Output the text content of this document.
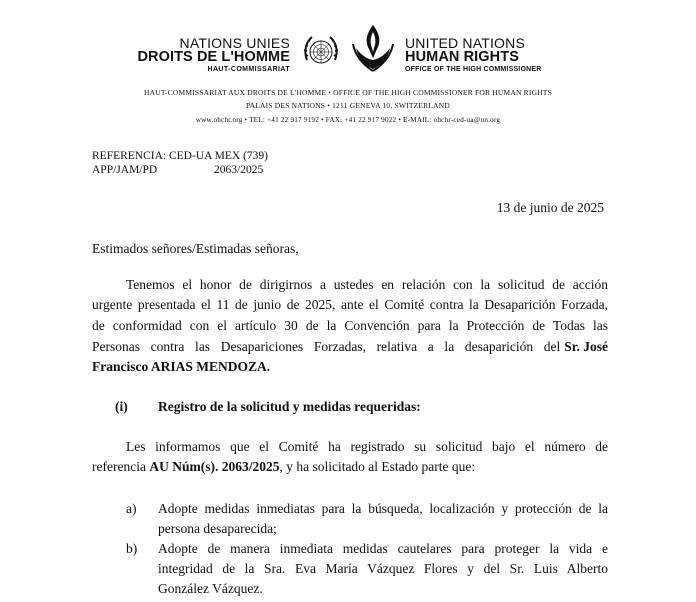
NATIONS UNIES
DROITS DE L'HOMME
HAUT-COMMISSARIAT
UNITED NATIONS
HUMAN RIGHTS
OFFICE OF THE HIGH COMMISSIONER
HAUT-COMMISSARIAT AUX DROITS DE L'HOMME • OFFICE OF THE HIGH COMMISSIONER FOR HUMAN RIGHTS
PALAIS DES NATIONS • 1211 GENEVA 10, SWITZERLAND
www.ohchr.org • TEL: +41 22 917 9192 • FAX: +41 22 917 9022 • E-MAIL: ohchr-ced-ua@un.org
REFERENCIA: CED-UA MEX (739)
APP/JAM/PD	2063/2025
13 de junio de 2025
Estimados señores/Estimadas señoras,
Tenemos el honor de dirigirnos a ustedes en relación con la solicitud de acción
urgente presentada el 11 de junio de 2025, ante el Comité contra la Desaparición Forzada,
de conformidad con el artículo 30 de la Convención para la Protección de Todas las
Personas contra las Desapariciones Forzadas, relativa a la desaparición del Sr. José
Francisco ARIAS MENDOZA.
(i) Registro de la solicitud y medidas requeridas:
Les informamos que el Comité ha registrado su solicitud bajo el número de
referencia AU Núm(s). 2063/2025, y ha solicitado al Estado parte que:
a) Adopte medidas inmediatas para la búsqueda, localización y protección de la
persona desaparecida;
b) Adopte de manera inmediata medidas cautelares para proteger la vida e
integridad de la Sra. Eva María Vázquez Flores y del Sr. Luis Alberto
González Vázquez.
